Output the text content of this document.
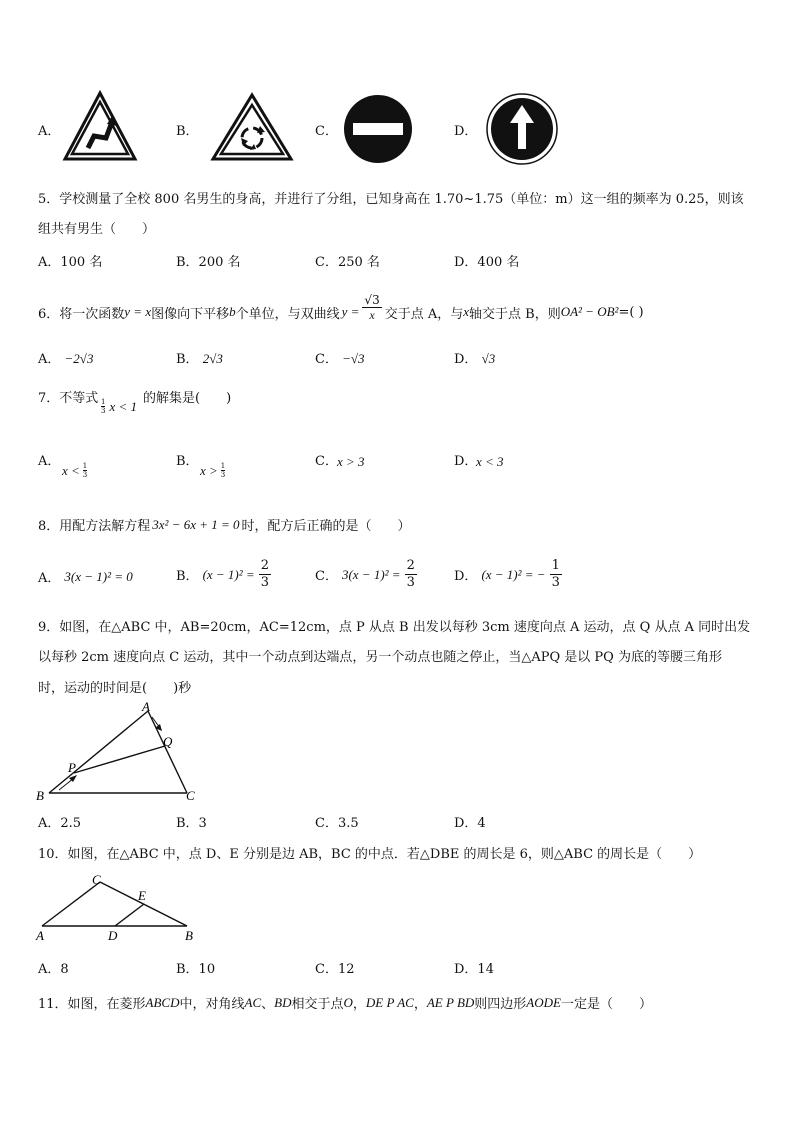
A．	B．	C．	D．
5．学校测量了全校 800 名男生的身高，并进行了分组，已知身高在 1.70~1.75（单位：m）这一组的频率为 0.25，则该
组共有男生（　　）
A．100 名	B．200 名	C．250 名	D．400 名
6．将一次函数 y = x 图像向下平移 b 个单位，与双曲线 $y = \frac{√3}{x}$ 交于点 A，与 x 轴交于点 B，则 OA² − OB² =( )
A． −2√3	B． 2√3	C． −√3	D． √3
7．不等式 $\frac{1}{3}$ x < 1 的解集是(　　)
A．
$x < \frac{1}{3}$
B．
$x > \frac{1}{3}$
C． x > 3	D．
x < 3
8．用配方法解方程 3x² − 6x + 1 = 0 时，配方后正确的是（　　）
A． 3(x − 1)² = 0	B． $(x - 1)^2 = \frac{2}{3}$	C． $3(x - 1)^2 = \frac{2}{3}$	D． (x − 1)² = − $\frac{1}{3}$
9．如图，在△ABC 中，AB=20cm，AC=12cm，点 P 从点 B 出发以每秒 3cm 速度向点 A 运动，点 Q 从点 A 同时出发
以每秒 2cm 速度向点 C 运动，其中一个动点到达端点，另一个动点也随之停止，当△APQ 是以 PQ 为底的等腰三角形
时，运动的时间是(　　)秒
A
B	C
P
Q
A．2.5	B．3	C．3.5	D．4
10．如图，在△ABC 中，点 D、E 分别是边 AB，BC 的中点．若△DBE 的周长是 6，则△ABC 的周长是（　　）
C
E
A	D	B
A．8	B．10	C．12	D．14
11．如图，在菱形 ABCD 中，对角线 AC 、 BD 相交于点 O ， DE P AC ， AE P BD 则四边形 AODE 一定是（　　）
